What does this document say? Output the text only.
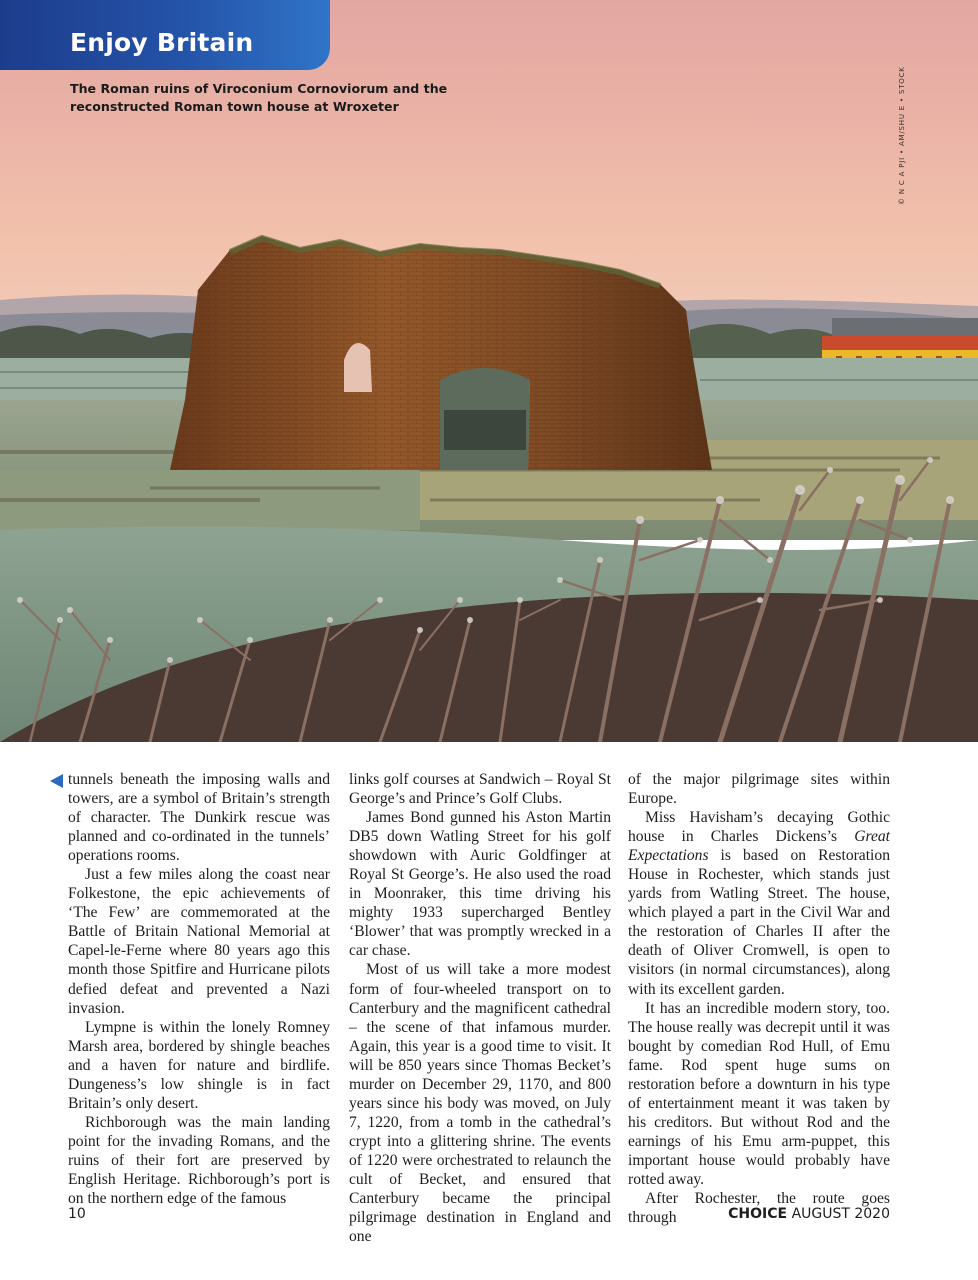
Enjoy Britain
The Roman ruins of Viroconium Cornoviorum and the reconstructed Roman town house at Wroxeter	© N C A PJI • AM/SHU E • STOCK

tunnels beneath the imposing walls and towers, are a symbol of Britain’s strength of character. The Dunkirk rescue was planned and co-ordinated in the tunnels’ operations rooms.

Just a few miles along the coast near Folkestone, the epic achievements of ‘The Few’ are commemorated at the Battle of Britain National Memorial at Capel-le-Ferne where 80 years ago this month those Spitfire and Hurricane pilots defied defeat and prevented a Nazi invasion.

Lympne is within the lonely Romney Marsh area, bordered by shingle beaches and a haven for nature and birdlife. Dungeness’s low shingle is in fact Britain’s only desert.

Richborough was the main landing point for the invading Romans, and the ruins of their fort are preserved by English Heritage. Richborough’s port is on the northern edge of the famous

links golf courses at Sandwich – Royal St George’s and Prince’s Golf Clubs.

James Bond gunned his Aston Martin DB5 down Watling Street for his golf showdown with Auric Goldfinger at Royal St George’s. He also used the road in Moonraker, this time driving his mighty 1933 supercharged Bentley ‘Blower’ that was promptly wrecked in a car chase.

Most of us will take a more modest form of four-wheeled transport on to Canterbury and the magnificent cathedral – the scene of that infamous murder. Again, this year is a good time to visit. It will be 850 years since Thomas Becket’s murder on December 29, 1170, and 800 years since his body was moved, on July 7, 1220, from a tomb in the cathedral’s crypt into a glittering shrine. The events of 1220 were orchestrated to relaunch the cult of Becket, and ensured that Canterbury became the principal pilgrimage destination in England and one

of the major pilgrimage sites within Europe.

Miss Havisham’s decaying Gothic house in Charles Dickens’s Great Expectations is based on Restoration House in Rochester, which stands just yards from Watling Street. The house, which played a part in the Civil War and the restoration of Charles II after the death of Oliver Cromwell, is open to visitors (in normal circumstances), along with its excellent garden.

It has an incredible modern story, too. The house really was decrepit until it was bought by comedian Rod Hull, of Emu fame. Rod spent huge sums on restoration before a downturn in his type of entertainment meant it was taken by his creditors. But without Rod and the earnings of his Emu arm-puppet, this important house would probably have rotted away.

After Rochester, the route goes through

10	CHOICE AUGUST 2020
